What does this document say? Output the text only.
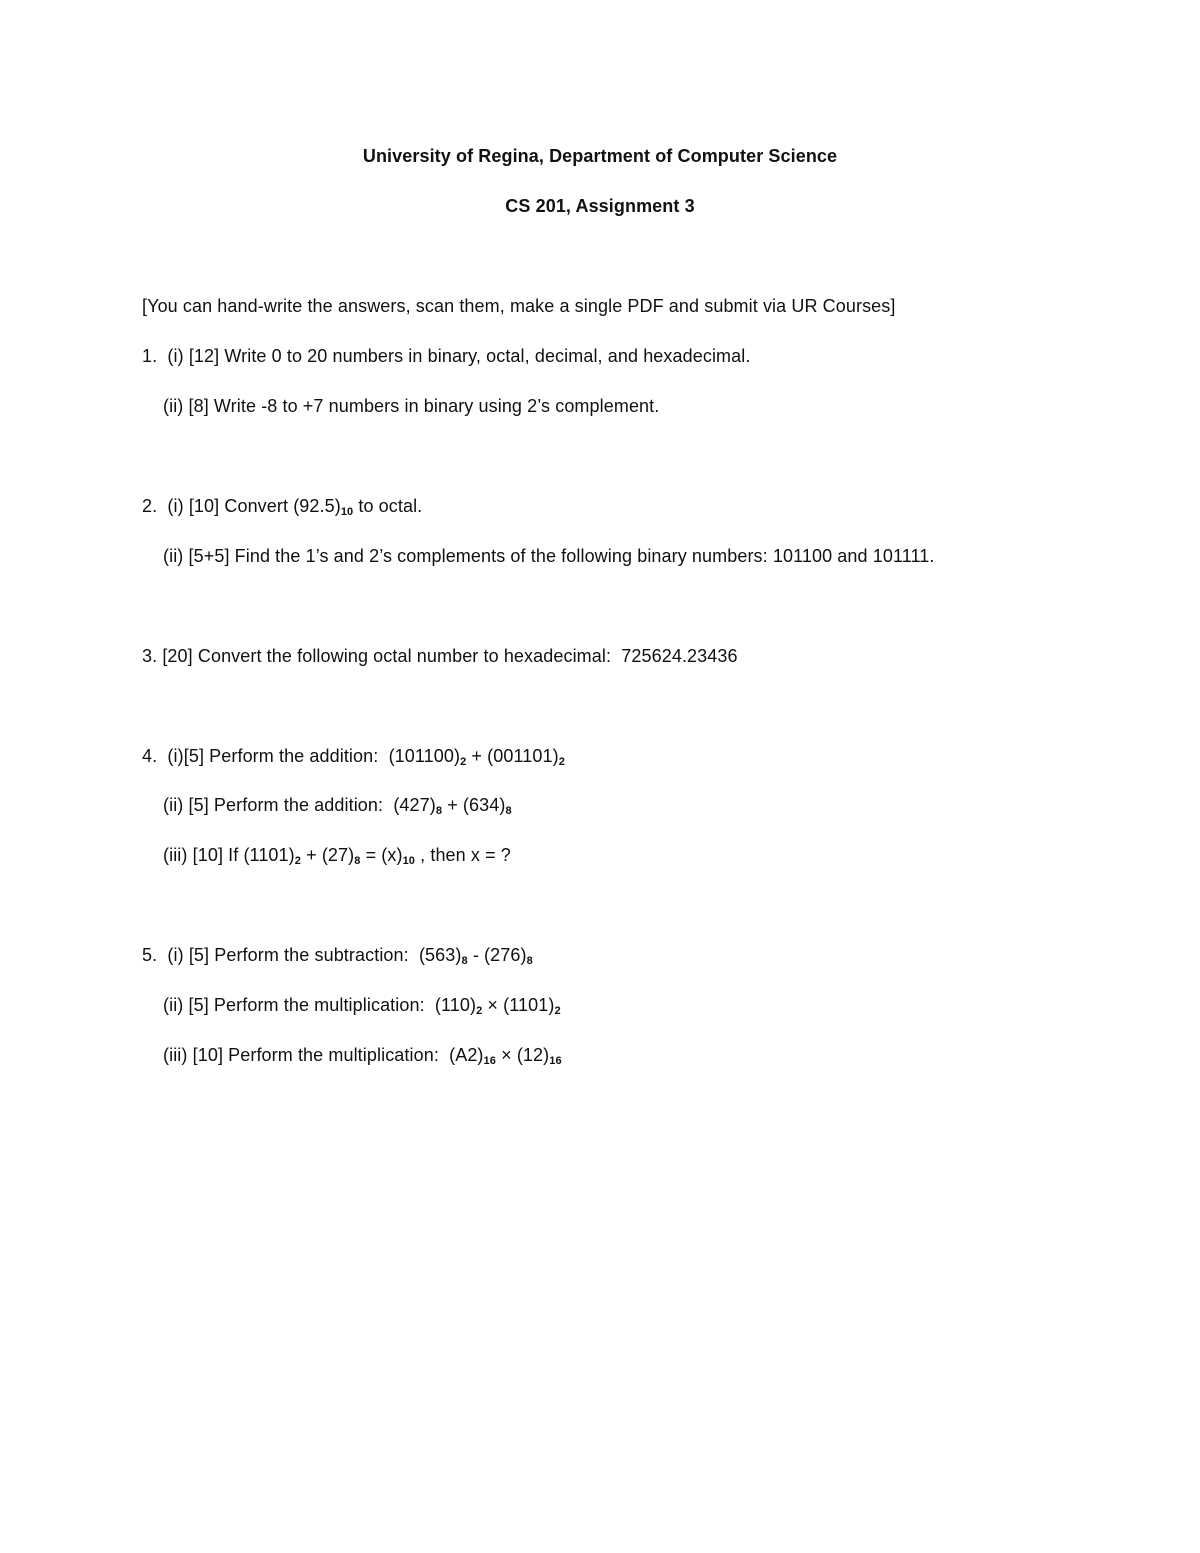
University of Regina, Department of Computer Science
CS 201, Assignment 3
[You can hand-write the answers, scan them, make a single PDF and submit via UR Courses]
1. (i) [12] Write 0 to 20 numbers in binary, octal, decimal, and hexadecimal.
(ii) [8] Write -8 to +7 numbers in binary using 2’s complement.
2. (i) [10] Convert $(92.5)_{10}$ to octal.
(ii) [5+5] Find the 1’s and 2’s complements of the following binary numbers: 101100 and 101111.
3. [20] Convert the following octal number to hexadecimal: 725624.23436
4. (i)[5] Perform the addition: $(101100)_2 + (001101)_2$
(ii) [5] Perform the addition: $(427)_8 + (634)_8$
(iii) [10] If $(1101)_2 + (27)_8 = (x)_{10}$ , then x = ?
5. (i) [5] Perform the subtraction: $(563)_8 - (276)_8$
(ii) [5] Perform the multiplication: $(110)_2 \times (1101)_2$
(iii) [10] Perform the multiplication: $(A2)_{16} \times (12)_{16}$
